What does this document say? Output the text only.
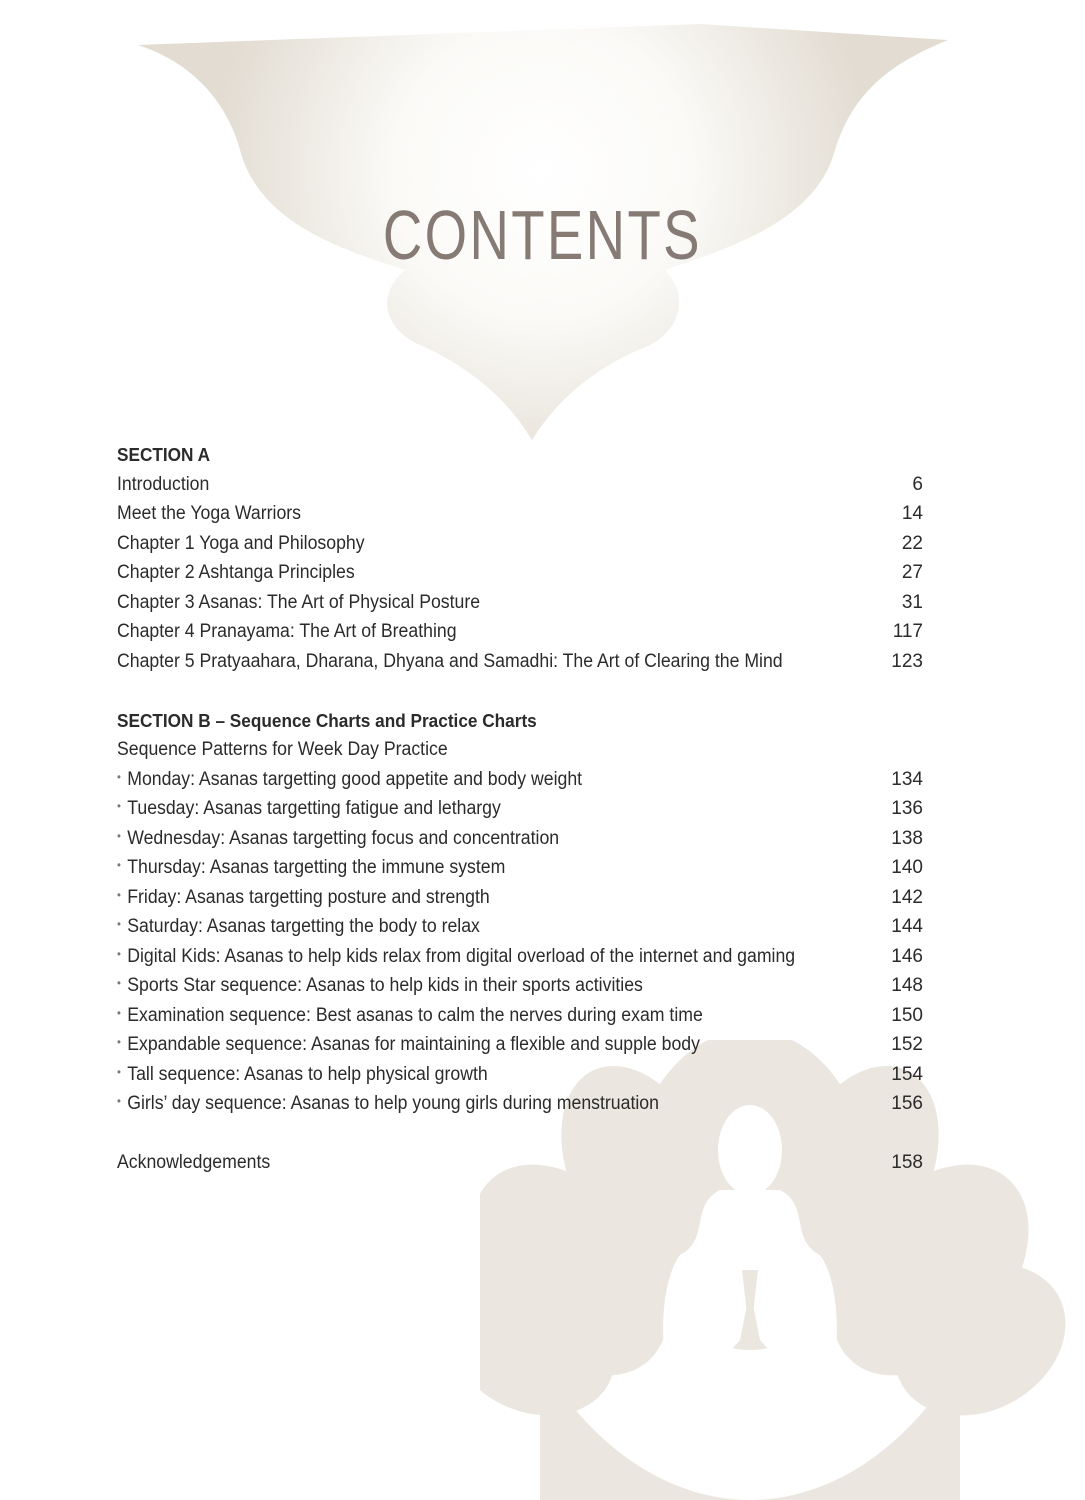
CONTENTS
SECTION A
Introduction	6
Meet the Yoga Warriors	14
Chapter 1 Yoga and Philosophy	22
Chapter 2 Ashtanga Principles	27
Chapter 3 Asanas: The Art of Physical Posture	31
Chapter 4 Pranayama: The Art of Breathing	117
Chapter 5 Pratyaahara, Dharana, Dhyana and Samadhi: The Art of Clearing the Mind	123
SECTION B – Sequence Charts and Practice Charts
Sequence Patterns for Week Day Practice
• Monday: Asanas targetting good appetite and body weight	134
• Tuesday: Asanas targetting fatigue and lethargy	136
• Wednesday: Asanas targetting focus and concentration	138
• Thursday: Asanas targetting the immune system	140
• Friday: Asanas targetting posture and strength	142
• Saturday: Asanas targetting the body to relax	144
• Digital Kids: Asanas to help kids relax from digital overload of the internet and gaming	146
• Sports Star sequence: Asanas to help kids in their sports activities	148
• Examination sequence: Best asanas to calm the nerves during exam time	150
• Expandable sequence: Asanas for maintaining a flexible and supple body	152
• Tall sequence: Asanas to help physical growth	154
• Girls’ day sequence: Asanas to help young girls during menstruation	156
Acknowledgements	158
